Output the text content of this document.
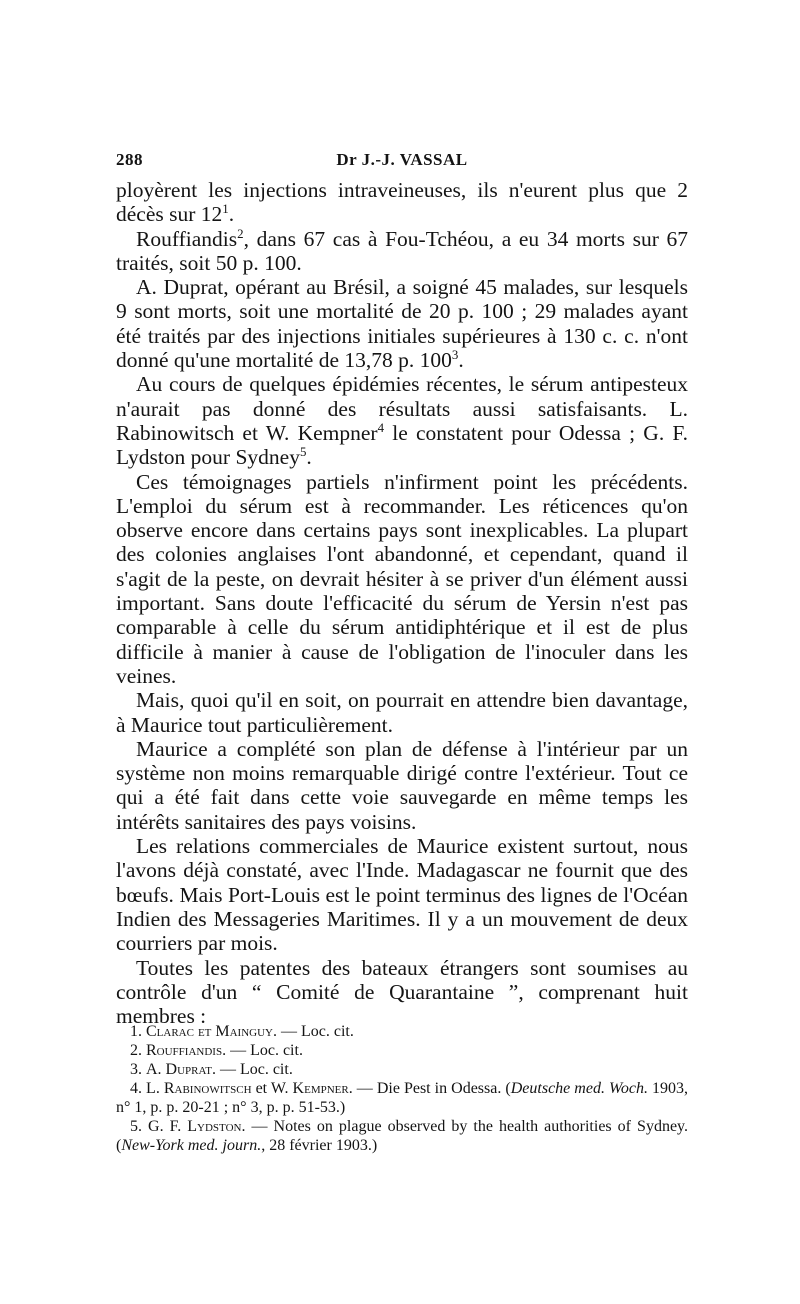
288	Dr J.-J. VASSAL

ployèrent les injections intraveineuses, ils n'eurent plus que 2 décès sur $12^1$.

Rouffiandis$^2$, dans 67 cas à Fou-Tchéou, a eu 34 morts sur 67 traités, soit 50 p. 100.

A. Duprat, opérant au Brésil, a soigné 45 malades, sur lesquels 9 sont morts, soit une mortalité de 20 p. 100 ; 29 malades ayant été traités par des injections initiales supérieures à 130 c. c. n'ont donné qu'une mortalité de 13,78 p. $100^3$.

Au cours de quelques épidémies récentes, le sérum antipesteux n'aurait pas donné des résultats aussi satisfaisants. L. Rabinowitsch et W. Kempner$^4$ le constatent pour Odessa ; G. F. Lydston pour Sydney$^5$.

Ces témoignages partiels n'infirment point les précédents. L'emploi du sérum est à recommander. Les réticences qu'on observe encore dans certains pays sont inexplicables. La plupart des colonies anglaises l'ont abandonné, et cependant, quand il s'agit de la peste, on devrait hésiter à se priver d'un élément aussi important. Sans doute l'efficacité du sérum de Yersin n'est pas comparable à celle du sérum antidiphtérique et il est de plus difficile à manier à cause de l'obligation de l'inoculer dans les veines.

Mais, quoi qu'il en soit, on pourrait en attendre bien davantage, à Maurice tout particulièrement.

Maurice a complété son plan de défense à l'intérieur par un système non moins remarquable dirigé contre l'extérieur. Tout ce qui a été fait dans cette voie sauvegarde en même temps les intérêts sanitaires des pays voisins.

Les relations commerciales de Maurice existent surtout, nous l'avons déjà constaté, avec l'Inde. Madagascar ne fournit que des bœufs. Mais Port-Louis est le point terminus des lignes de l'Océan Indien des Messageries Maritimes. Il y a un mouvement de deux courriers par mois.

Toutes les patentes des bateaux étrangers sont soumises au contrôle d'un “ Comité de Quarantaine ”, comprenant huit membres :

1. Clarac et Mainguy. — Loc. cit.

2. Rouffiandis. — Loc. cit.

3. A. Duprat. — Loc. cit.

4. L. Rabinowitsch et W. Kempner. — Die Pest in Odessa. (Deutsche med. Woch. 1903, n° 1, p. p. 20-21 ; n° 3, p. p. 51-53.)

5. G. F. Lydston. — Notes on plague observed by the health authorities of Sydney. (New-York med. journ., 28 février 1903.)
